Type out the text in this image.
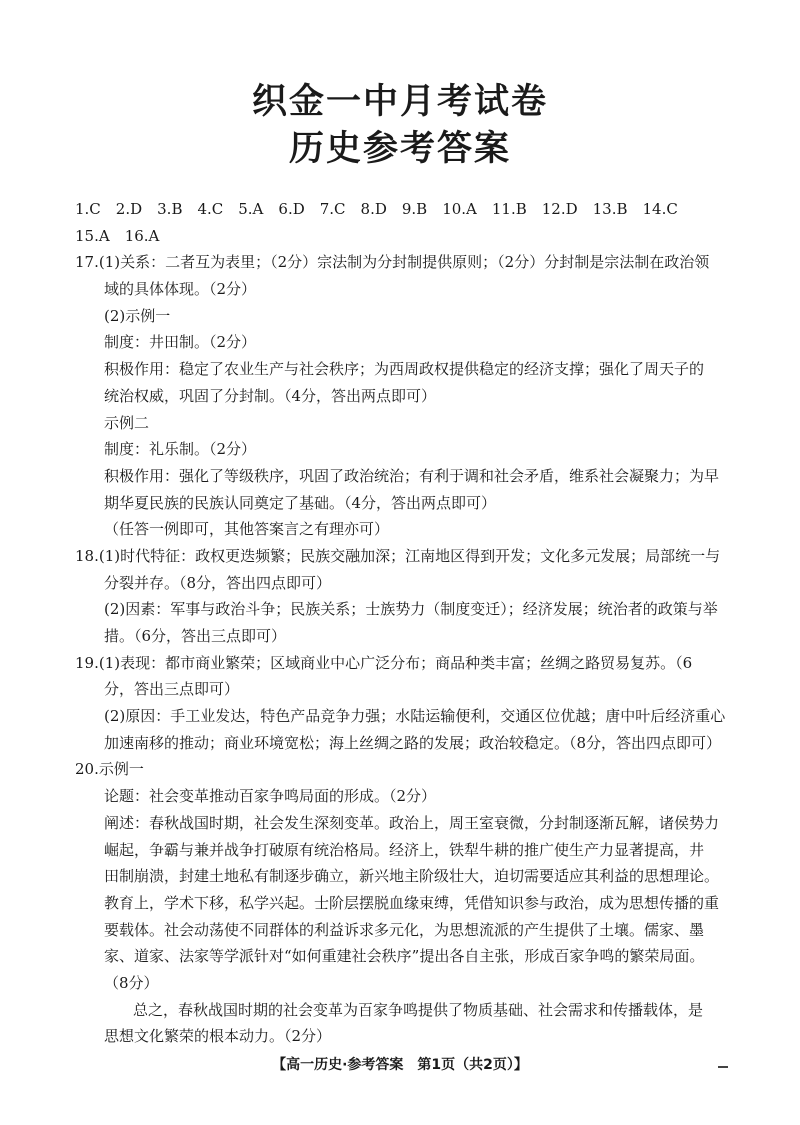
织金一中月考试卷
历史参考答案
1.C　2.D　3.B　4.C　5.A　6.D　7.C　8.D　9.B　10.A　11.B　12.D　13.B　14.C
15.A　16.A
17.(1)关系：二者互为表里；（2分）宗法制为分封制提供原则；（2分）分封制是宗法制在政治领
域的具体体现。（2分）
(2)示例一
制度：井田制。（2分）
积极作用：稳定了农业生产与社会秩序；为西周政权提供稳定的经济支撑；强化了周天子的
统治权威，巩固了分封制。（4分，答出两点即可）
示例二
制度：礼乐制。（2分）
积极作用：强化了等级秩序，巩固了政治统治；有利于调和社会矛盾，维系社会凝聚力；为早
期华夏民族的民族认同奠定了基础。（4分，答出两点即可）
（任答一例即可，其他答案言之有理亦可）
18.(1)时代特征：政权更迭频繁；民族交融加深；江南地区得到开发；文化多元发展；局部统一与
分裂并存。（8分，答出四点即可）
(2)因素：军事与政治斗争；民族关系；士族势力（制度变迁）；经济发展；统治者的政策与举
措。（6分，答出三点即可）
19.(1)表现：都市商业繁荣；区域商业中心广泛分布；商品种类丰富；丝绸之路贸易复苏。（6
分，答出三点即可）
(2)原因：手工业发达，特色产品竞争力强；水陆运输便利，交通区位优越；唐中叶后经济重心
加速南移的推动；商业环境宽松；海上丝绸之路的发展；政治较稳定。（8分，答出四点即可）
20.示例一
论题：社会变革推动百家争鸣局面的形成。（2分）
阐述：春秋战国时期，社会发生深刻变革。政治上，周王室衰微，分封制逐渐瓦解，诸侯势力
崛起，争霸与兼并战争打破原有统治格局。经济上，铁犁牛耕的推广使生产力显著提高，井
田制崩溃，封建土地私有制逐步确立，新兴地主阶级壮大，迫切需要适应其利益的思想理论。
教育上，学术下移，私学兴起。士阶层摆脱血缘束缚，凭借知识参与政治，成为思想传播的重
要载体。社会动荡使不同群体的利益诉求多元化，为思想流派的产生提供了土壤。儒家、墨
家、道家、法家等学派针对“如何重建社会秩序”提出各自主张，形成百家争鸣的繁荣局面。
（8分）
总之，春秋战国时期的社会变革为百家争鸣提供了物质基础、社会需求和传播载体，是
思想文化繁荣的根本动力。（2分）
【高一历史·参考答案　第1页（共2页）】
